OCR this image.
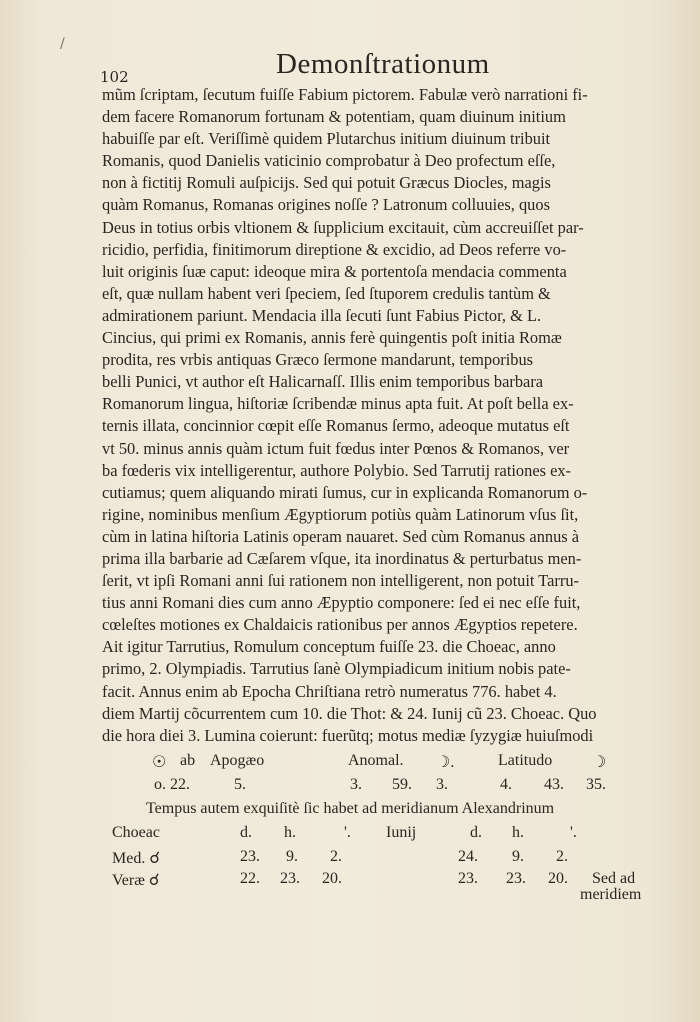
/
102	Demonſtrationum
mũm ſcriptam, ſecutum fuiſſe Fabium pictorem. Fabulæ verò narrationi fi-
dem facere Romanorum fortunam & potentiam, quam diuinum initium
habuiſſe par eſt. Veriſſimè quidem Plutarchus initium diuinum tribuit
Romanis, quod Danielis vaticinio comprobatur à Deo profectum eſſe,
non à fictitij Romuli auſpicijs. Sed qui potuit Græcus Diocles, magis
quàm Romanus, Romanas origines noſſe ? Latronum colluuies, quos
Deus in totius orbis vltionem & ſupplicium excitauit, cùm accreuiſſet par-
ricidio, perfidia, finitimorum direptione & excidio, ad Deos referre vo-
luit originis ſuæ caput: ideoque mira & portentoſa mendacia commenta
eſt, quæ nullam habent veri ſpeciem, ſed ſtuporem credulis tantùm &
admirationem pariunt. Mendacia illa ſecuti ſunt Fabius Pictor, & L.
Cincius, qui primi ex Romanis, annis ferè quingentis poſt initia Romæ
prodita, res vrbis antiquas Græco ſermone mandarunt, temporibus
belli Punici, vt author eſt Halicarnaſſ. Illis enim temporibus barbara
Romanorum lingua, hiſtoriæ ſcribendæ minus apta fuit. At poſt bella ex-
ternis illata, concinnior cœpit eſſe Romanus ſermo, adeoque mutatus eſt
vt 50. minus annis quàm ictum fuit fœdus inter Pœnos & Romanos, ver
ba fœderis vix intelligerentur, authore Polybio. Sed Tarrutij rationes ex-
cutiamus; quem aliquando mirati ſumus, cur in explicanda Romanorum o-
rigine, nominibus menſium Ægyptiorum potiùs quàm Latinorum vſus ſit,
cùm in latina hiſtoria Latinis operam nauaret. Sed cùm Romanus annus à
prima illa barbarie ad Cæſarem vſque, ita inordinatus & perturbatus men-
ſerit, vt ipſi Romani anni ſui rationem non intelligerent, non potuit Tarru-
tius anni Romani dies cum anno Æpyptio componere: ſed ei nec eſſe fuit,
cœleſtes motiones ex Chaldaicis rationibus per annos Ægyptios repetere.
Ait igitur Tarrutius, Romulum conceptum fuiſſe 23. die Choeac, anno
primo, 2. Olympiadis. Tarrutius ſanè Olympiadicum initium nobis pate-
facit. Annus enim ab Epocha Chriſtiana retrò numeratus 776. habet 4.
diem Martij cõcurrentem cum 10. die Thot: & 24. Iunij cũ 23. Choeac. Quo
die hora diei 3. Lumina coierunt: fuerũtq; motus mediæ ſyzygiæ huiuſmodi
☉ ab Apogæo	Anomal. ☽.	Latitudo ☽
o. 22.	5.	3. 59. 3.	4. 43. 35.
Tempus autem exquiſitè ſic habet ad meridianum Alexandrinum
Choeac	d. h.	'. Iunij	d. h.	'.
Med. ☌	23. 9. 2.	24. 9. 2.
Veræ ☌	22. 23. 20.	23. 23. 20. Sed ad
meridiem
